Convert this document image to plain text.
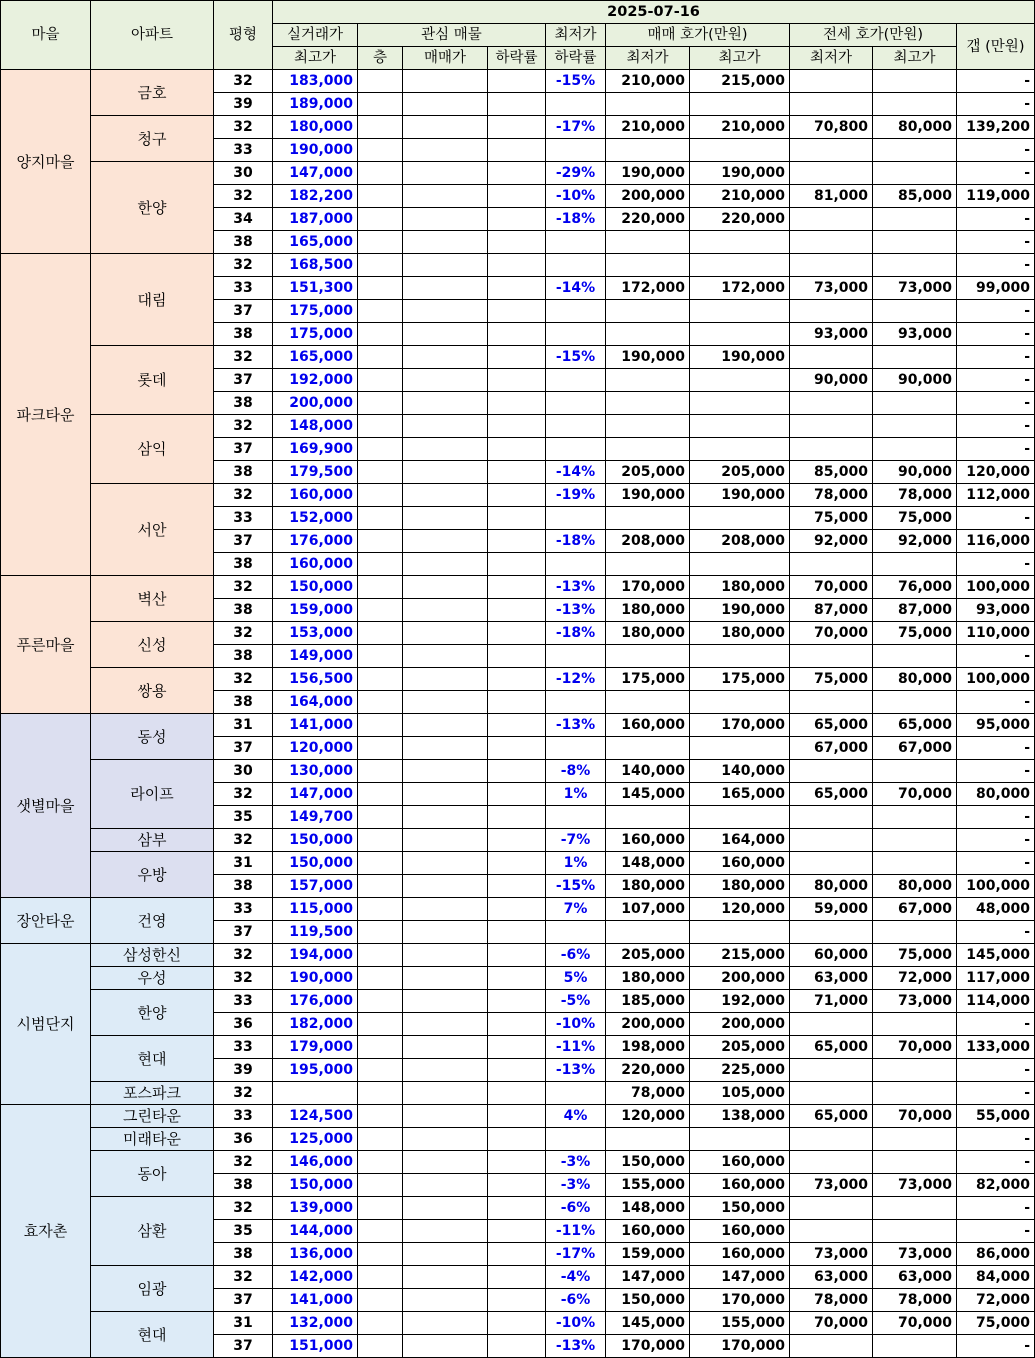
마을	아파트	평형	2025-07-16									
			실거래가	관심 매물			최저가	매매 호가(만원)		전세 호가(만원)		갭 (만원)
			최고가	층	매매가	하락률	하락률	최저가	최고가	최저가	최고가	
양지마을	금호	32	183,000				-15%	210,000	215,000			-
		39	189,000									-
	청구	32	180,000				-17%	210,000	210,000	70,800	80,000	139,200
		33	190,000									-
	한양	30	147,000				-29%	190,000	190,000			-
		32	182,200				-10%	200,000	210,000	81,000	85,000	119,000
		34	187,000				-18%	220,000	220,000			-
		38	165,000									-
파크타운	대림	32	168,500									-
		33	151,300				-14%	172,000	172,000	73,000	73,000	99,000
		37	175,000									-
		38	175,000							93,000	93,000	-
	롯데	32	165,000				-15%	190,000	190,000			-
		37	192,000							90,000	90,000	-
		38	200,000									-
	삼익	32	148,000									-
		37	169,900									-
		38	179,500				-14%	205,000	205,000	85,000	90,000	120,000
	서안	32	160,000				-19%	190,000	190,000	78,000	78,000	112,000
		33	152,000							75,000	75,000	-
		37	176,000				-18%	208,000	208,000	92,000	92,000	116,000
		38	160,000									-
푸른마을	벽산	32	150,000				-13%	170,000	180,000	70,000	76,000	100,000
		38	159,000				-13%	180,000	190,000	87,000	87,000	93,000
	신성	32	153,000				-18%	180,000	180,000	70,000	75,000	110,000
		38	149,000									-
	쌍용	32	156,500				-12%	175,000	175,000	75,000	80,000	100,000
		38	164,000									-
샛별마을	동성	31	141,000				-13%	160,000	170,000	65,000	65,000	95,000
		37	120,000							67,000	67,000	-
	라이프	30	130,000				-8%	140,000	140,000			-
		32	147,000				1%	145,000	165,000	65,000	70,000	80,000
		35	149,700									-
	삼부	32	150,000				-7%	160,000	164,000			-
	우방	31	150,000				1%	148,000	160,000			-
		38	157,000				-15%	180,000	180,000	80,000	80,000	100,000
장안타운	건영	33	115,000				7%	107,000	120,000	59,000	67,000	48,000
		37	119,500									-
시범단지	삼성한신	32	194,000				-6%	205,000	215,000	60,000	75,000	145,000
	우성	32	190,000				5%	180,000	200,000	63,000	72,000	117,000
	한양	33	176,000				-5%	185,000	192,000	71,000	73,000	114,000
		36	182,000				-10%	200,000	200,000			-
	현대	33	179,000				-11%	198,000	205,000	65,000	70,000	133,000
		39	195,000				-13%	220,000	225,000			-
	포스파크	32						78,000	105,000			-
효자촌	그린타운	33	124,500				4%	120,000	138,000	65,000	70,000	55,000
	미래타운	36	125,000									-
	동아	32	146,000				-3%	150,000	160,000			-
		38	150,000				-3%	155,000	160,000	73,000	73,000	82,000
	삼환	32	139,000				-6%	148,000	150,000			-
		35	144,000				-11%	160,000	160,000			-
		38	136,000				-17%	159,000	160,000	73,000	73,000	86,000
	임광	32	142,000				-4%	147,000	147,000	63,000	63,000	84,000
		37	141,000				-6%	150,000	170,000	78,000	78,000	72,000
	현대	31	132,000				-10%	145,000	155,000	70,000	70,000	75,000
		37	151,000				-13%	170,000	170,000			-
